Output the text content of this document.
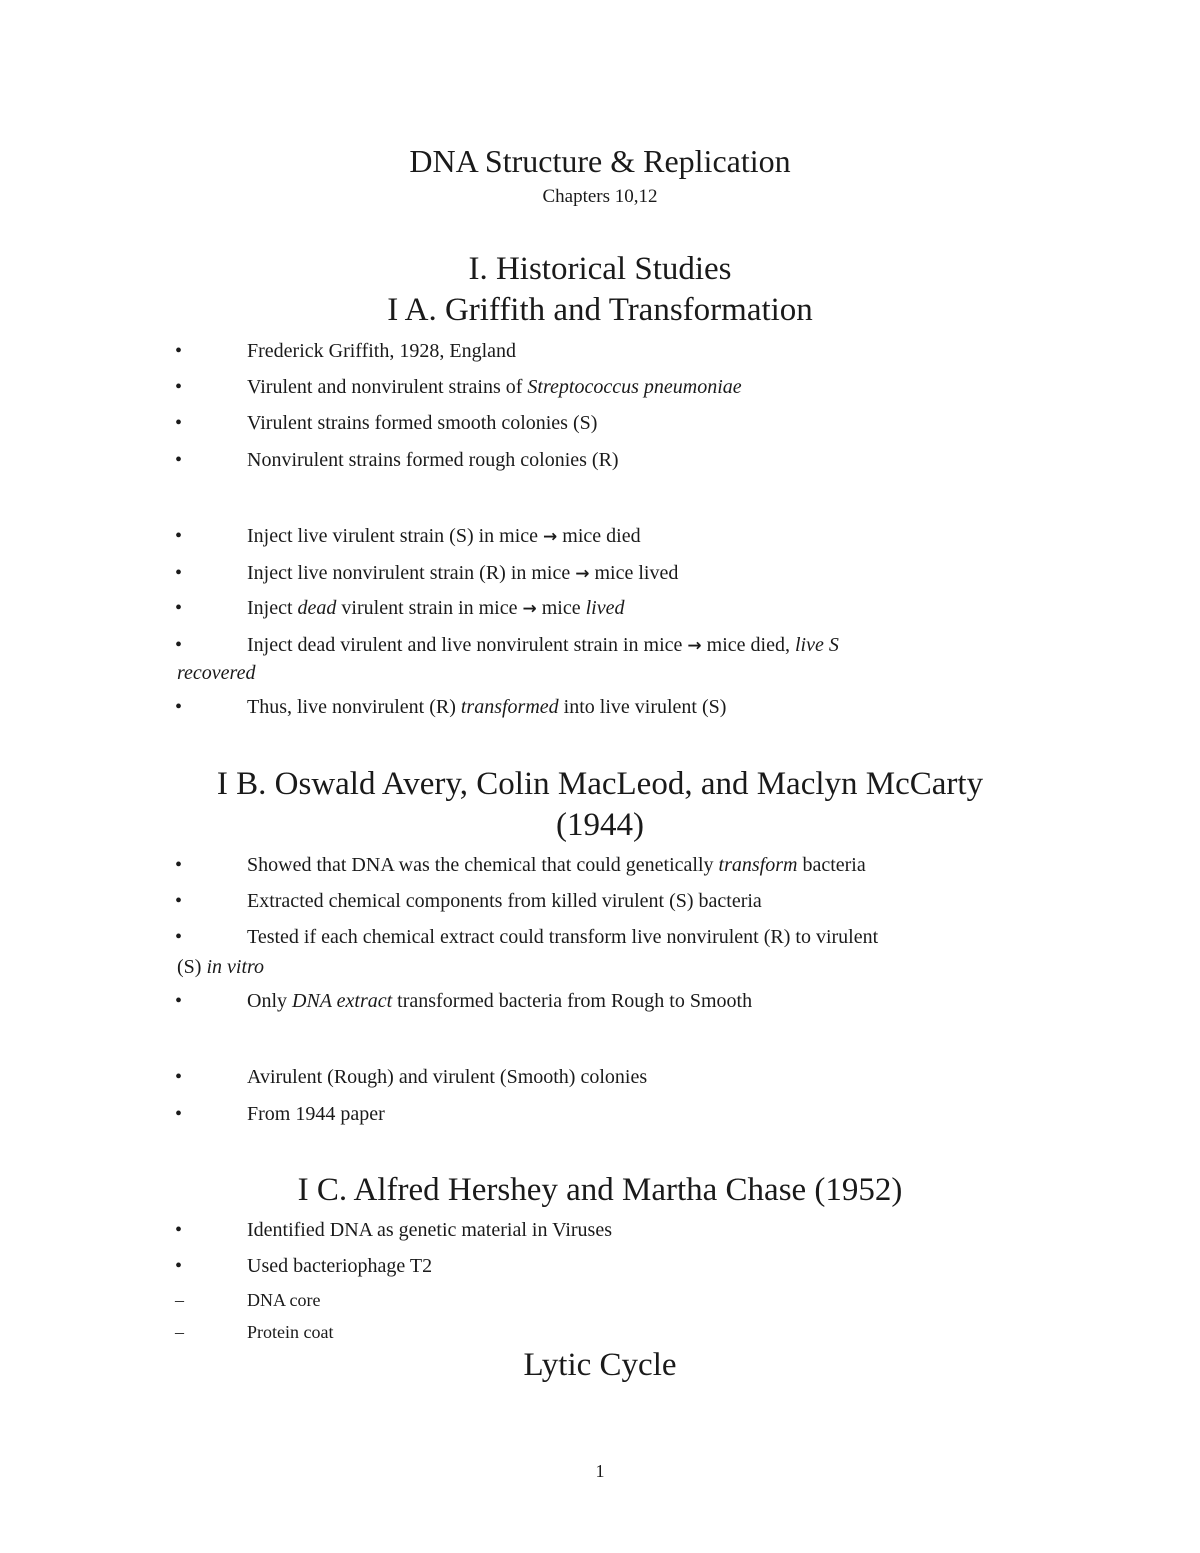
DNA Structure & Replication
Chapters 10,12
I. Historical Studies
I A. Griffith and Transformation
•	Frederick Griffith, 1928, England
•	Virulent and nonvirulent strains of Streptococcus pneumoniae
•	Virulent strains formed smooth colonies (S)
•	Nonvirulent strains formed rough colonies (R)
•	Inject live virulent strain (S) in mice → mice died
•	Inject live nonvirulent strain (R) in mice → mice lived
•	Inject dead virulent strain in mice → mice lived
•	Inject dead virulent and live nonvirulent strain in mice → mice died, live S
recovered
•	Thus, live nonvirulent (R) transformed into live virulent (S)
I B. Oswald Avery, Colin MacLeod, and Maclyn McCarty
(1944)
•	Showed that DNA was the chemical that could genetically transform bacteria
•	Extracted chemical components from killed virulent (S) bacteria
•	Tested if each chemical extract could transform live nonvirulent (R) to virulent
(S) in vitro
•	Only DNA extract transformed bacteria from Rough to Smooth
•	Avirulent (Rough) and virulent (Smooth) colonies
•	From 1944 paper
I C. Alfred Hershey and Martha Chase (1952)
•	Identified DNA as genetic material in Viruses
•	Used bacteriophage T2
–	DNA core
–	Protein coat
Lytic Cycle
1
